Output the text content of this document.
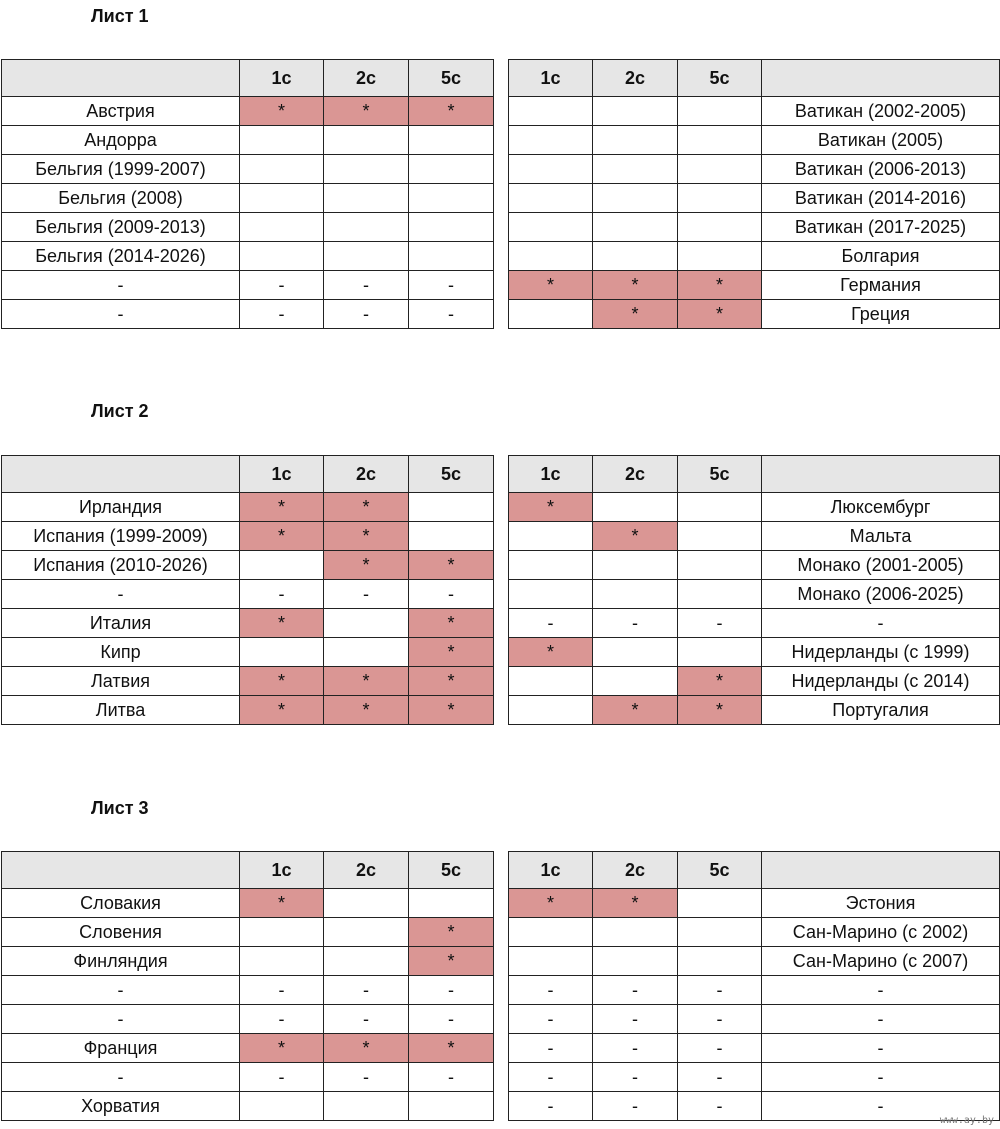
Лист 1
	1c	2c	5c
Австрия	*	*	*
Андорра			
Бельгия (1999-2007)			
Бельгия (2008)			
Бельгия (2009-2013)			
Бельгия (2014-2026)			
-	-	-	-
-	-	-	-
1c	2c	5c	
			Ватикан (2002-2005)
			Ватикан (2005)
			Ватикан (2006-2013)
			Ватикан (2014-2016)
			Ватикан (2017-2025)
			Болгария
*	*	*	Германия
	*	*	Греция
Лист 2
	1c	2c	5c
Ирландия	*	*	
Испания (1999-2009)	*	*	
Испания (2010-2026)		*	*
-	-	-	-
Италия	*		*
Кипр			*
Латвия	*	*	*
Литва	*	*	*
1c	2c	5c	
*			Люксембург
	*		Мальта
			Монако (2001-2005)
			Монако (2006-2025)
-	-	-	-
*			Нидерланды (с 1999)
		*	Нидерланды (с 2014)
	*	*	Португалия
Лист 3
	1c	2c	5c
Словакия	*		
Словения			*
Финляндия			*
-	-	-	-
-	-	-	-
Франция	*	*	*
-	-	-	-
Хорватия			
1c	2c	5c	
*	*		Эстония
			Сан-Марино (с 2002)
			Сан-Марино (с 2007)
-	-	-	-
-	-	-	-
-	-	-	-
-	-	-	-
-	-	-	-
www.ay.by
